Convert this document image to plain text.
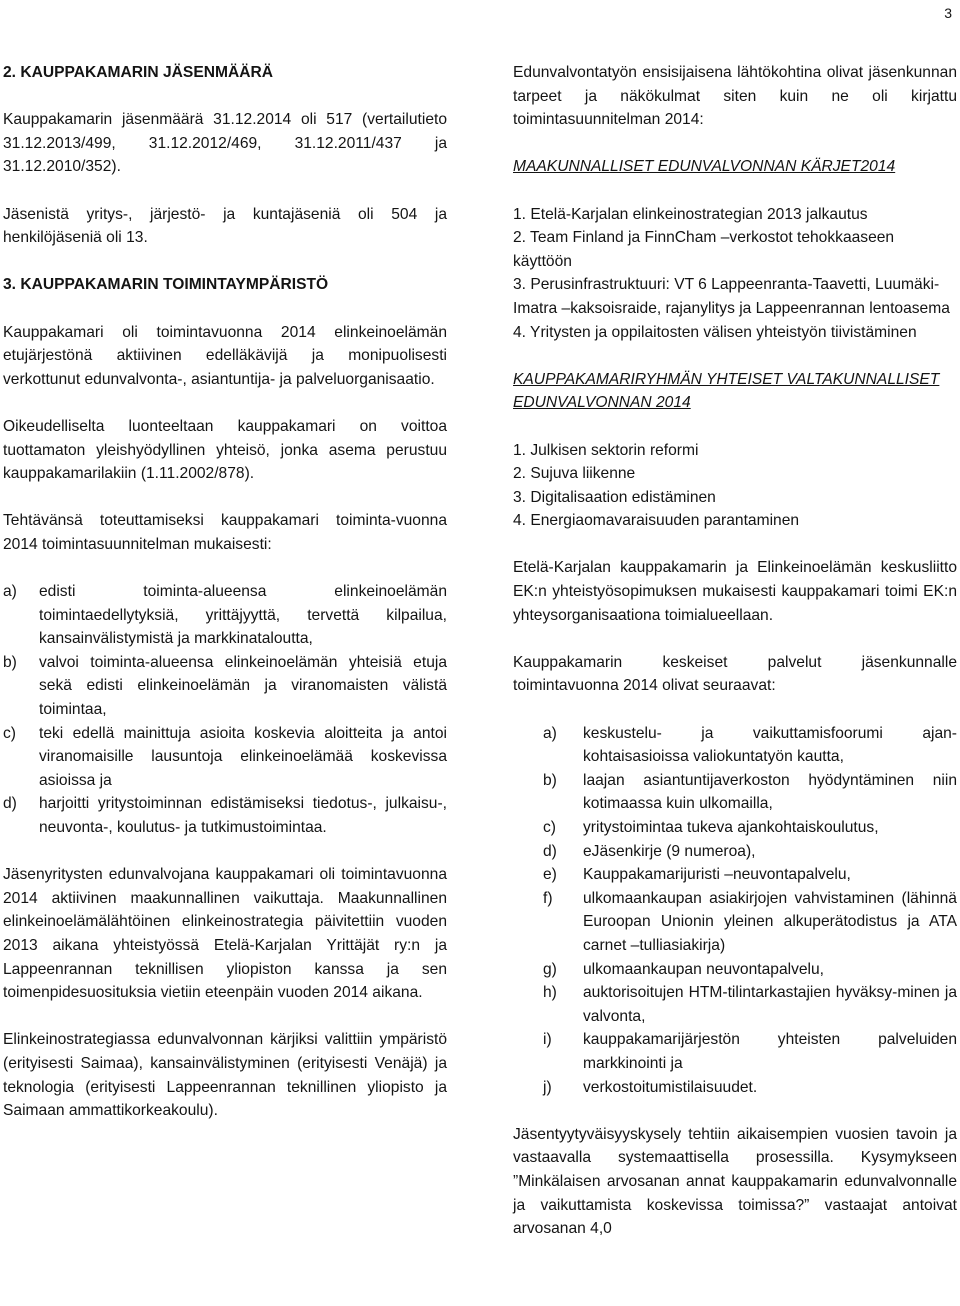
3
2. KAUPPAKAMARIN JÄSENMÄÄRÄ

Kauppakamarin jäsenmäärä 31.12.2014 oli 517 (vertailutieto 31.12.2013/499, 31.12.2012/469, 31.12.2011/437 ja 31.12.2010/352).

Jäsenistä yritys-, järjestö- ja kuntajäseniä oli 504 ja henkilöjäseniä oli 13.

3. KAUPPAKAMARIN TOIMINTAYMPÄRISTÖ

Kauppakamari oli toimintavuonna 2014 elinkeinoelämän etujärjestönä aktiivinen edelläkävijä ja monipuolisesti verkottunut edunvalvonta-, asiantuntija- ja palveluorganisaatio.

Oikeudelliselta luonteeltaan kauppakamari on voittoa tuottamaton yleishyödyllinen yhteisö, jonka asema perustuu kauppakamarilakiin (1.11.2002/878).

Tehtävänsä toteuttamiseksi kauppakamari toiminta-vuonna 2014 toimintasuunnitelman mukaisesti:

a)	edisti toiminta-alueensa elinkeinoelämän toimintaedellytyksiä, yrittäjyyttä, tervettä kilpailua, kansainvälistymistä ja markkinataloutta,
b)	valvoi toiminta-alueensa elinkeinoelämän yhteisiä etuja sekä edisti elinkeinoelämän ja viranomaisten välistä toimintaa,
c)	teki edellä mainittuja asioita koskevia aloitteita ja antoi viranomaisille lausuntoja elinkeinoelämää koskevissa asioissa ja
d)	harjoitti yritystoiminnan edistämiseksi tiedotus-, julkaisu-, neuvonta-, koulutus- ja tutkimustoimintaa.

Jäsenyritysten edunvalvojana kauppakamari oli toimintavuonna 2014 aktiivinen maakunnallinen vaikuttaja. Maakunnallinen elinkeinoelämälähtöinen elinkeinostrategia päivitettiin vuoden 2013 aikana yhteistyössä Etelä-Karjalan Yrittäjät ry:n ja Lappeenrannan teknillisen yliopiston kanssa ja sen toimenpidesuosituksia vietiin eteenpäin vuoden 2014 aikana.

Elinkeinostrategiassa edunvalvonnan kärjiksi valittiin ympäristö (erityisesti Saimaa), kansainvälistyminen (erityisesti Venäjä) ja teknologia (erityisesti Lappeenrannan teknillinen yliopisto ja Saimaan ammattikorkeakoulu).

Edunvalvontatyön ensisijaisena lähtökohtina olivat jäsenkunnan tarpeet ja näkökulmat siten kuin ne oli kirjattu toimintasuunnitelman 2014:

MAAKUNNALLISET EDUNVALVONNAN KÄRJET2014
1. Etelä-Karjalan elinkeinostrategian 2013 jalkautus
2. Team Finland ja FinnCham –verkostot tehokkaaseen käyttöön
3. Perusinfrastruktuuri: VT 6 Lappeenranta-Taavetti, Luumäki-Imatra –kaksoisraide, rajanylitys ja Lappeenrannan lentoasema
4. Yritysten ja oppilaitosten välisen yhteistyön tiivistäminen
KAUPPAKAMARIRYHMÄN YHTEISET VALTAKUNNALLISET EDUNVALVONNAN 2014
1. Julkisen sektorin reformi
2. Sujuva liikenne
3. Digitalisaation edistäminen
4. Energiaomavaraisuuden parantaminen

Etelä-Karjalan kauppakamarin ja Elinkeinoelämän keskusliitto EK:n yhteistyösopimuksen mukaisesti kauppakamari toimi EK:n yhteysorganisaationa toimialueellaan.

Kauppakamarin keskeiset palvelut jäsenkunnalle toimintavuonna 2014 olivat seuraavat:

a)	keskustelu- ja vaikuttamisfoorumi ajan-kohtaisasioissa valiokuntatyön kautta,
b)	laajan asiantuntijaverkoston hyödyntäminen niin kotimaassa kuin ulkomailla,
c)	yritystoimintaa tukeva ajankohtaiskoulutus,
d)	eJäsenkirje (9 numeroa),
e)	Kauppakamarijuristi –neuvontapalvelu,
f)	ulkomaankaupan asiakirjojen vahvistaminen (lähinnä Euroopan Unionin yleinen alkuperätodistus ja ATA carnet –tulliasiakirja)
g)	ulkomaankaupan neuvontapalvelu,
h)	auktorisoitujen HTM-tilintarkastajien hyväksy-minen ja valvonta,
i)	kauppakamarijärjestön yhteisten palveluiden markkinointi ja
j)	verkostoitumistilaisuudet.

Jäsentyytyväisyyskysely tehtiin aikaisempien vuosien tavoin ja vastaavalla systemaattisella prosessilla. Kysymykseen ”Minkälaisen arvosanan annat kauppakamarin edunvalvonnalle ja vaikuttamista koskevissa toimissa?” vastaajat antoivat arvosanan 4,0
